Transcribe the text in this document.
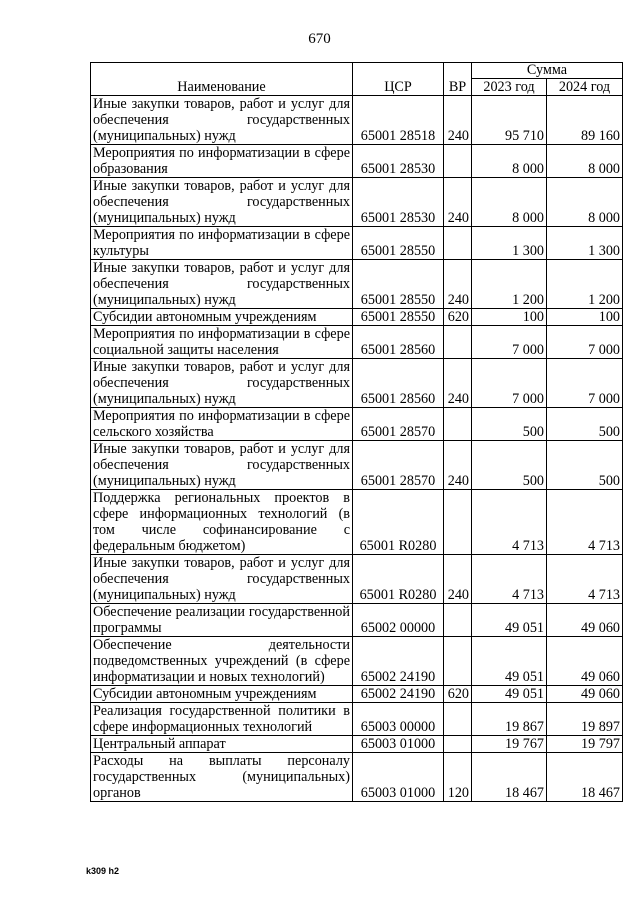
670
Наименование	ЦСР	ВР	Сумма	
			2023 год	2024 год
Иные закупки товаров, работ и услуг для обеспечения государственных (муниципальных) нужд	65001 28518	240	95 710	89 160
Мероприятия по информатизации в сфере образования	65001 28530		8 000	8 000
Иные закупки товаров, работ и услуг для обеспечения государственных (муниципальных) нужд	65001 28530	240	8 000	8 000
Мероприятия по информатизации в сфере культуры	65001 28550		1 300	1 300
Иные закупки товаров, работ и услуг для обеспечения государственных (муниципальных) нужд	65001 28550	240	1 200	1 200
Субсидии автономным учреждениям	65001 28550	620	100	100
Мероприятия по информатизации в сфере социальной защиты населения	65001 28560		7 000	7 000
Иные закупки товаров, работ и услуг для обеспечения государственных (муниципальных) нужд	65001 28560	240	7 000	7 000
Мероприятия по информатизации в сфере сельского хозяйства	65001 28570		500	500
Иные закупки товаров, работ и услуг для обеспечения государственных (муниципальных) нужд	65001 28570	240	500	500
Поддержка региональных проектов в сфере информационных технологий (в том числе софинансирование с федеральным бюджетом)	65001 R0280		4 713	4 713
Иные закупки товаров, работ и услуг для обеспечения государственных (муниципальных) нужд	65001 R0280	240	4 713	4 713
Обеспечение реализации государственной программы	65002 00000		49 051	49 060
Обеспечение деятельности подведомственных учреждений (в сфере информатизации и новых технологий)	65002 24190		49 051	49 060
Субсидии автономным учреждениям	65002 24190	620	49 051	49 060
Реализация государственной политики в сфере информационных технологий	65003 00000		19 867	19 897
Центральный аппарат	65003 01000		19 767	19 797
Расходы на выплаты персоналу государственных (муниципальных) органов	65003 01000	120	18 467	18 467
k309 h2
